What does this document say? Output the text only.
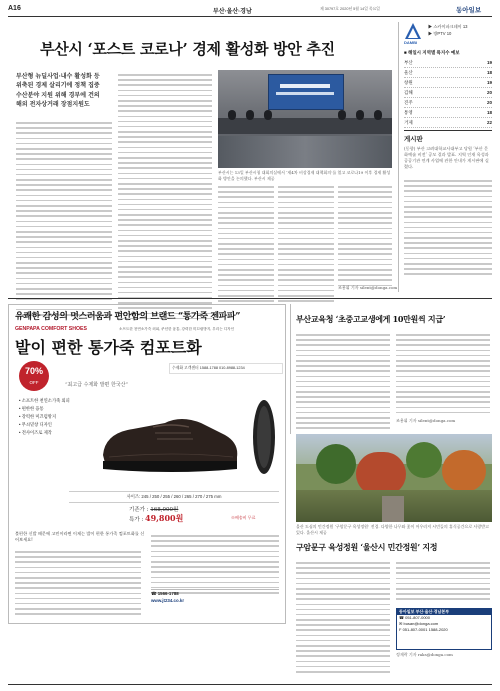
A16	부산·울산·경남	제 30797호 2020년 5월 14일 목요일	동아일보
부산시 ‘포스트 코로나’ 경제 활성화 방안 추진
부산형 뉴딜사업·내수 활성화 등
위축된 경제 살리기에 정책 집중
수산분야 지원 위해 경부에 건의
해외 전자상거래 장점지원도
부산시는 13일 부산시청 대회의실에서 ‘제4차 비상경제 대책회의’를 열고 코로나19 이후 경제 활성화 방안을 논의했다. 부산시 제공
조용휘 기자 silent@donga.com
DAMBI
▶ 스카이파크데이 13
▶ 방PTV 10
■ 해일시 지역별 특지수 예보
부산	19
울산	18
창원	19
김해	20
진주	20
통영	18
거제	22
게시판
(동향) 부산 고려대학교사대부고 당원 ‘부산 문화예술 비전’ 공모 결과 발표. 지역 인재 육성과 공공기관 연계 사업에 관한 안내가 게시판에 실렸다.
유쾌한 감성의 멋스러움과 편안함의 브랜드 “통가죽 젠파파”
GENPAPA COMFORT SHOES	소프트한 천연소가죽 외피, 쿠션한 융통, 강력한 미끄럼방지, 우리는 디자인
발이 편한 통가죽 컴포트화
70%
OFF
수제화 고객센터 1588-1788 010-8988-1234
“최고급 수제화 발편 한국산”
• 소프트한 천연소가죽 외피
• 편한한 융통
• 강력한 미끄럼방지
• 무쇠밑창 디자인
• 전사이즈로 제작
사이즈: 245 / 250 / 255 / 260 / 265 / 270 / 275 mm
기존가 : 168,000원
특가 : 49,800원	※배송비 무료
불편한 신발 때문에 고민이라면 이제는 발이 편한 통가죽 컴포트화를 신어보세요!
☎ 1566-1788
www.jt234.co.kr
부산교육청 ‘초중고교생에게 10만원씩 지급’
조용휘 기자 silent@donga.com
울산 도심의 민간정원 ‘구암문구 육성정원’ 전경. 다양한 나무와 꽃이 어우러져 시민들의 휴식공간으로 사랑받고 있다. 울산시 제공
구암문구 육성정원 ‘울산시 민간정원’ 지정
동아일보 부산·울산·경남본부
☎ 051-807-0000
✉ busan@donga.com
F 051-807-0001 1588-2020
정재락 기자 raks@donga.com
